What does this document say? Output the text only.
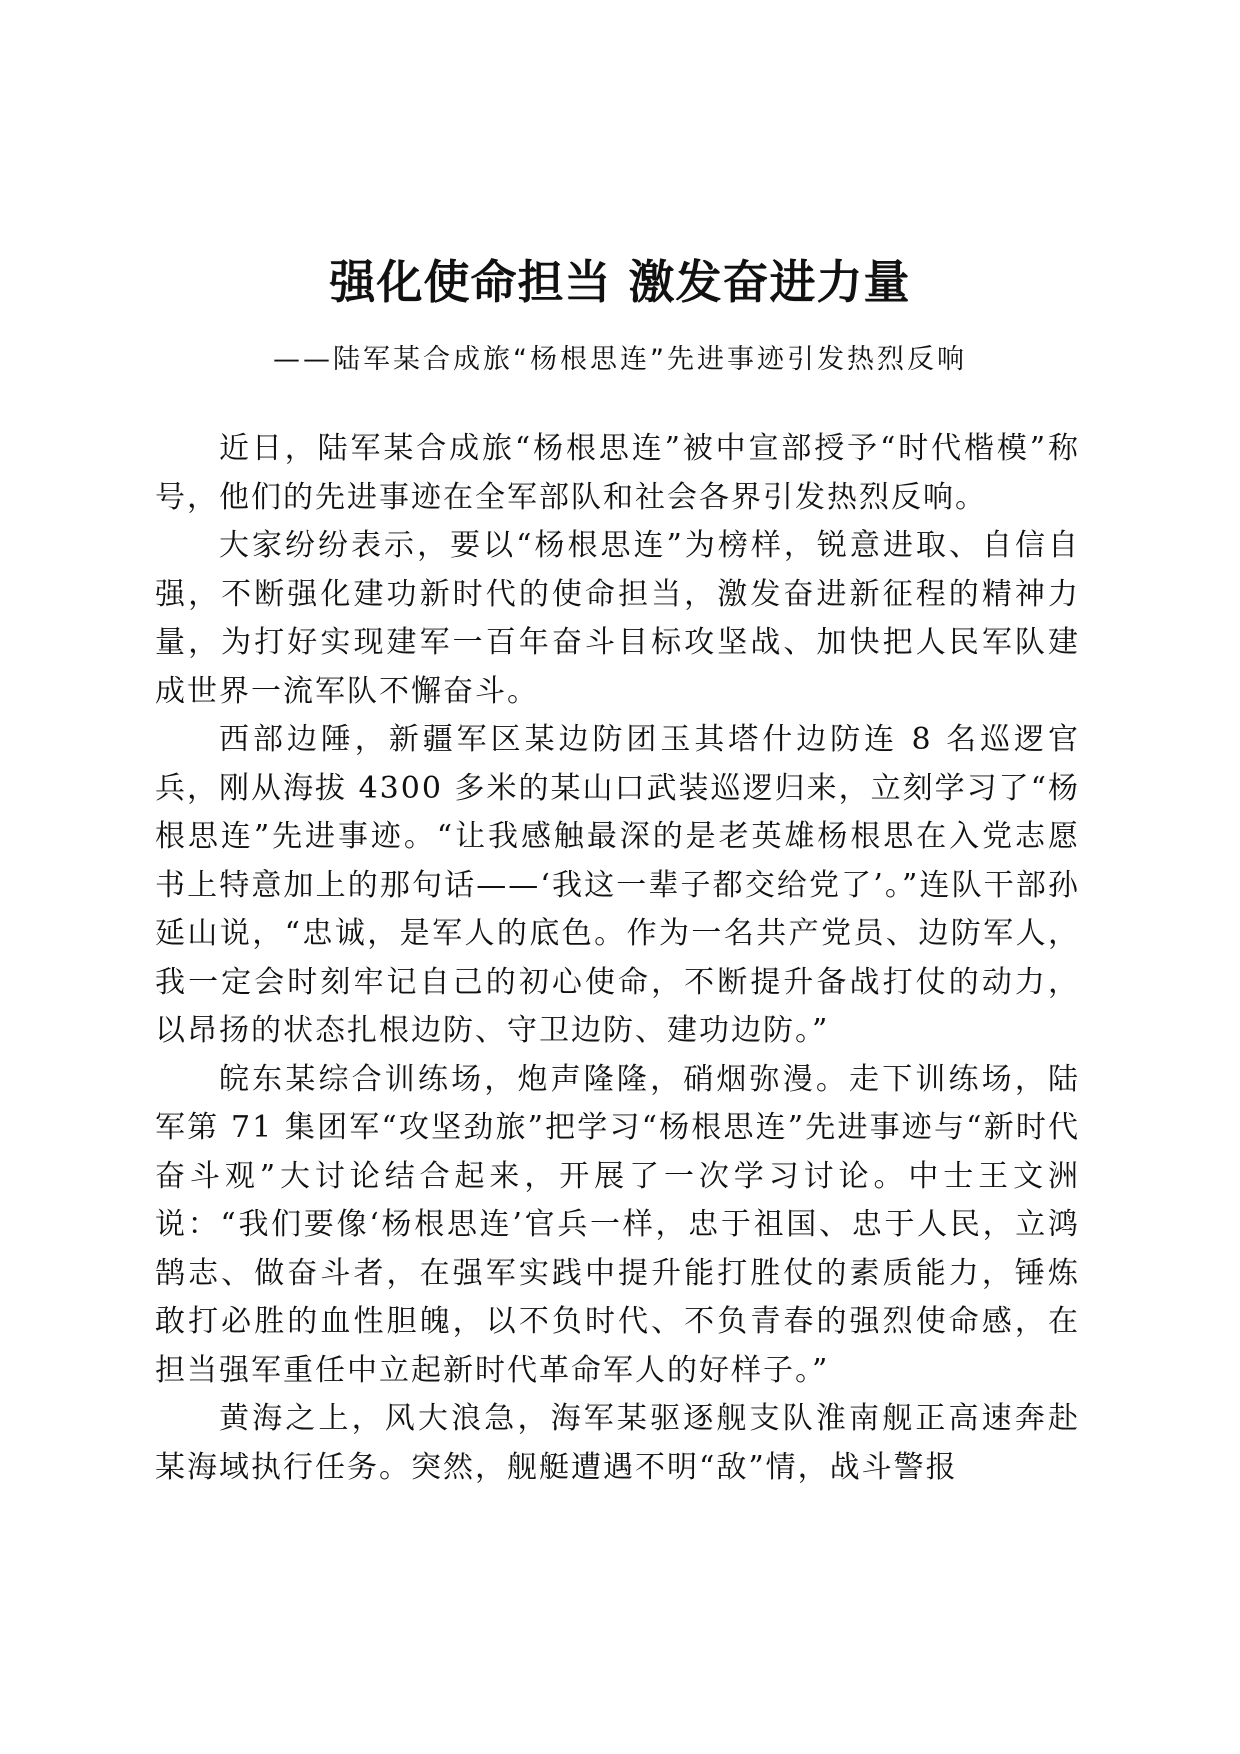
强化使命担当 激发奋进力量
——陆军某合成旅“杨根思连”先进事迹引发热烈反响

近日，陆军某合成旅“杨根思连”被中宣部授予“时代楷模”称号，他们的先进事迹在全军部队和社会各界引发热烈反响。

大家纷纷表示，要以“杨根思连”为榜样，锐意进取、自信自强，不断强化建功新时代的使命担当，激发奋进新征程的精神力量，为打好实现建军一百年奋斗目标攻坚战、加快把人民军队建成世界一流军队不懈奋斗。

西部边陲，新疆军区某边防团玉其塔什边防连 8 名巡逻官兵，刚从海拔 4300 多米的某山口武装巡逻归来，立刻学习了“杨根思连”先进事迹。“让我感触最深的是老英雄杨根思在入党志愿书上特意加上的那句话——‘我这一辈子都交给党了’。”连队干部孙延山说，“忠诚，是军人的底色。作为一名共产党员、边防军人，我一定会时刻牢记自己的初心使命，不断提升备战打仗的动力，以昂扬的状态扎根边防、守卫边防、建功边防。”

皖东某综合训练场，炮声隆隆，硝烟弥漫。走下训练场，陆军第 71 集团军“攻坚劲旅”把学习“杨根思连”先进事迹与“新时代奋斗观”大讨论结合起来，开展了一次学习讨论。中士王文洲说：“我们要像‘杨根思连’官兵一样，忠于祖国、忠于人民，立鸿鹄志、做奋斗者，在强军实践中提升能打胜仗的素质能力，锤炼敢打必胜的血性胆魄，以不负时代、不负青春的强烈使命感，在担当强军重任中立起新时代革命军人的好样子。”

黄海之上，风大浪急，海军某驱逐舰支队淮南舰正高速奔赴某海域执行任务。突然，舰艇遭遇不明“敌”情，战斗警报
